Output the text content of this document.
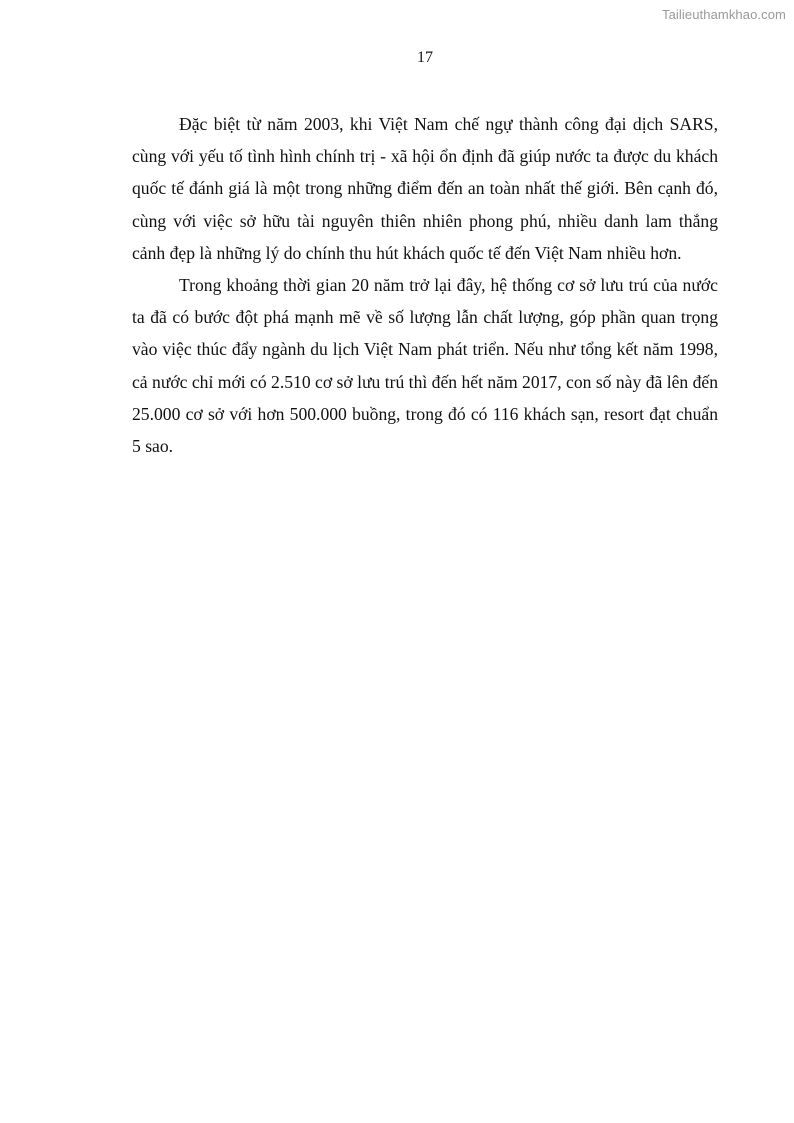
Tailieuthamkhao.com
17

Đặc biệt từ năm 2003, khi Việt Nam chế ngự thành công đại dịch SARS, cùng với yếu tố tình hình chính trị - xã hội ổn định đã giúp nước ta được du khách quốc tế đánh giá là một trong những điểm đến an toàn nhất thế giới. Bên cạnh đó, cùng với việc sở hữu tài nguyên thiên nhiên phong phú, nhiều danh lam thắng cảnh đẹp là những lý do chính thu hút khách quốc tế đến Việt Nam nhiều hơn.

Trong khoảng thời gian 20 năm trở lại đây, hệ thống cơ sở lưu trú của nước ta đã có bước đột phá mạnh mẽ về số lượng lẫn chất lượng, góp phần quan trọng vào việc thúc đẩy ngành du lịch Việt Nam phát triển. Nếu như tổng kết năm 1998, cả nước chỉ mới có 2.510 cơ sở lưu trú thì đến hết năm 2017, con số này đã lên đến 25.000 cơ sở với hơn 500.000 buồng, trong đó có 116 khách sạn, resort đạt chuẩn 5 sao.
